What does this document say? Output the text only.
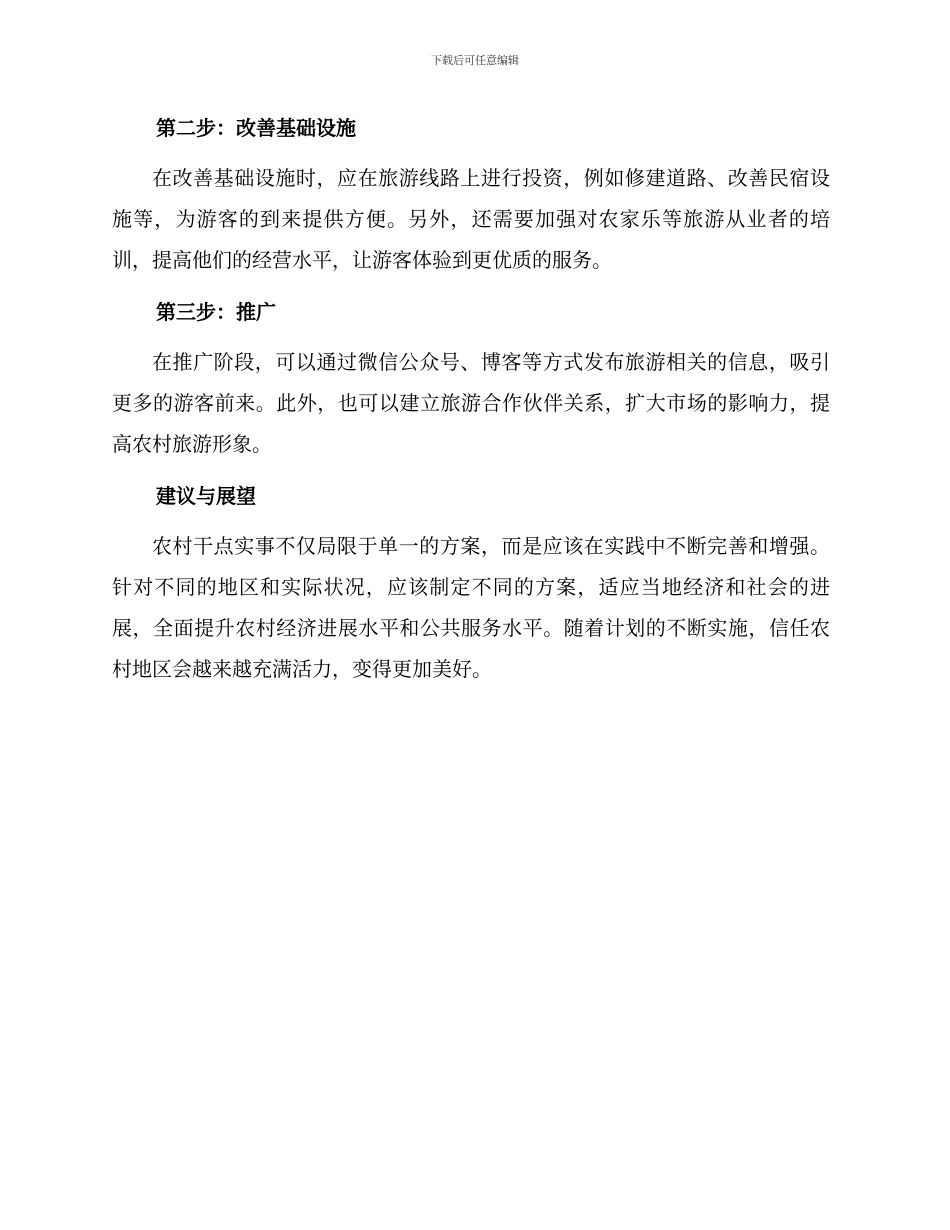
下载后可任意编辑
第二步：改善基础设施

在改善基础设施时，应在旅游线路上进行投资，例如修建道路、改善民宿设施等，为游客的到来提供方便。另外，还需要加强对农家乐等旅游从业者的培训，提高他们的经营水平，让游客体验到更优质的服务。

第三步：推广

在推广阶段，可以通过微信公众号、博客等方式发布旅游相关的信息，吸引更多的游客前来。此外，也可以建立旅游合作伙伴关系，扩大市场的影响力，提高农村旅游形象。

建议与展望

农村干点实事不仅局限于单一的方案，而是应该在实践中不断完善和增强。针对不同的地区和实际状况，应该制定不同的方案，适应当地经济和社会的进展，全面提升农村经济进展水平和公共服务水平。随着计划的不断实施，信任农村地区会越来越充满活力，变得更加美好。
